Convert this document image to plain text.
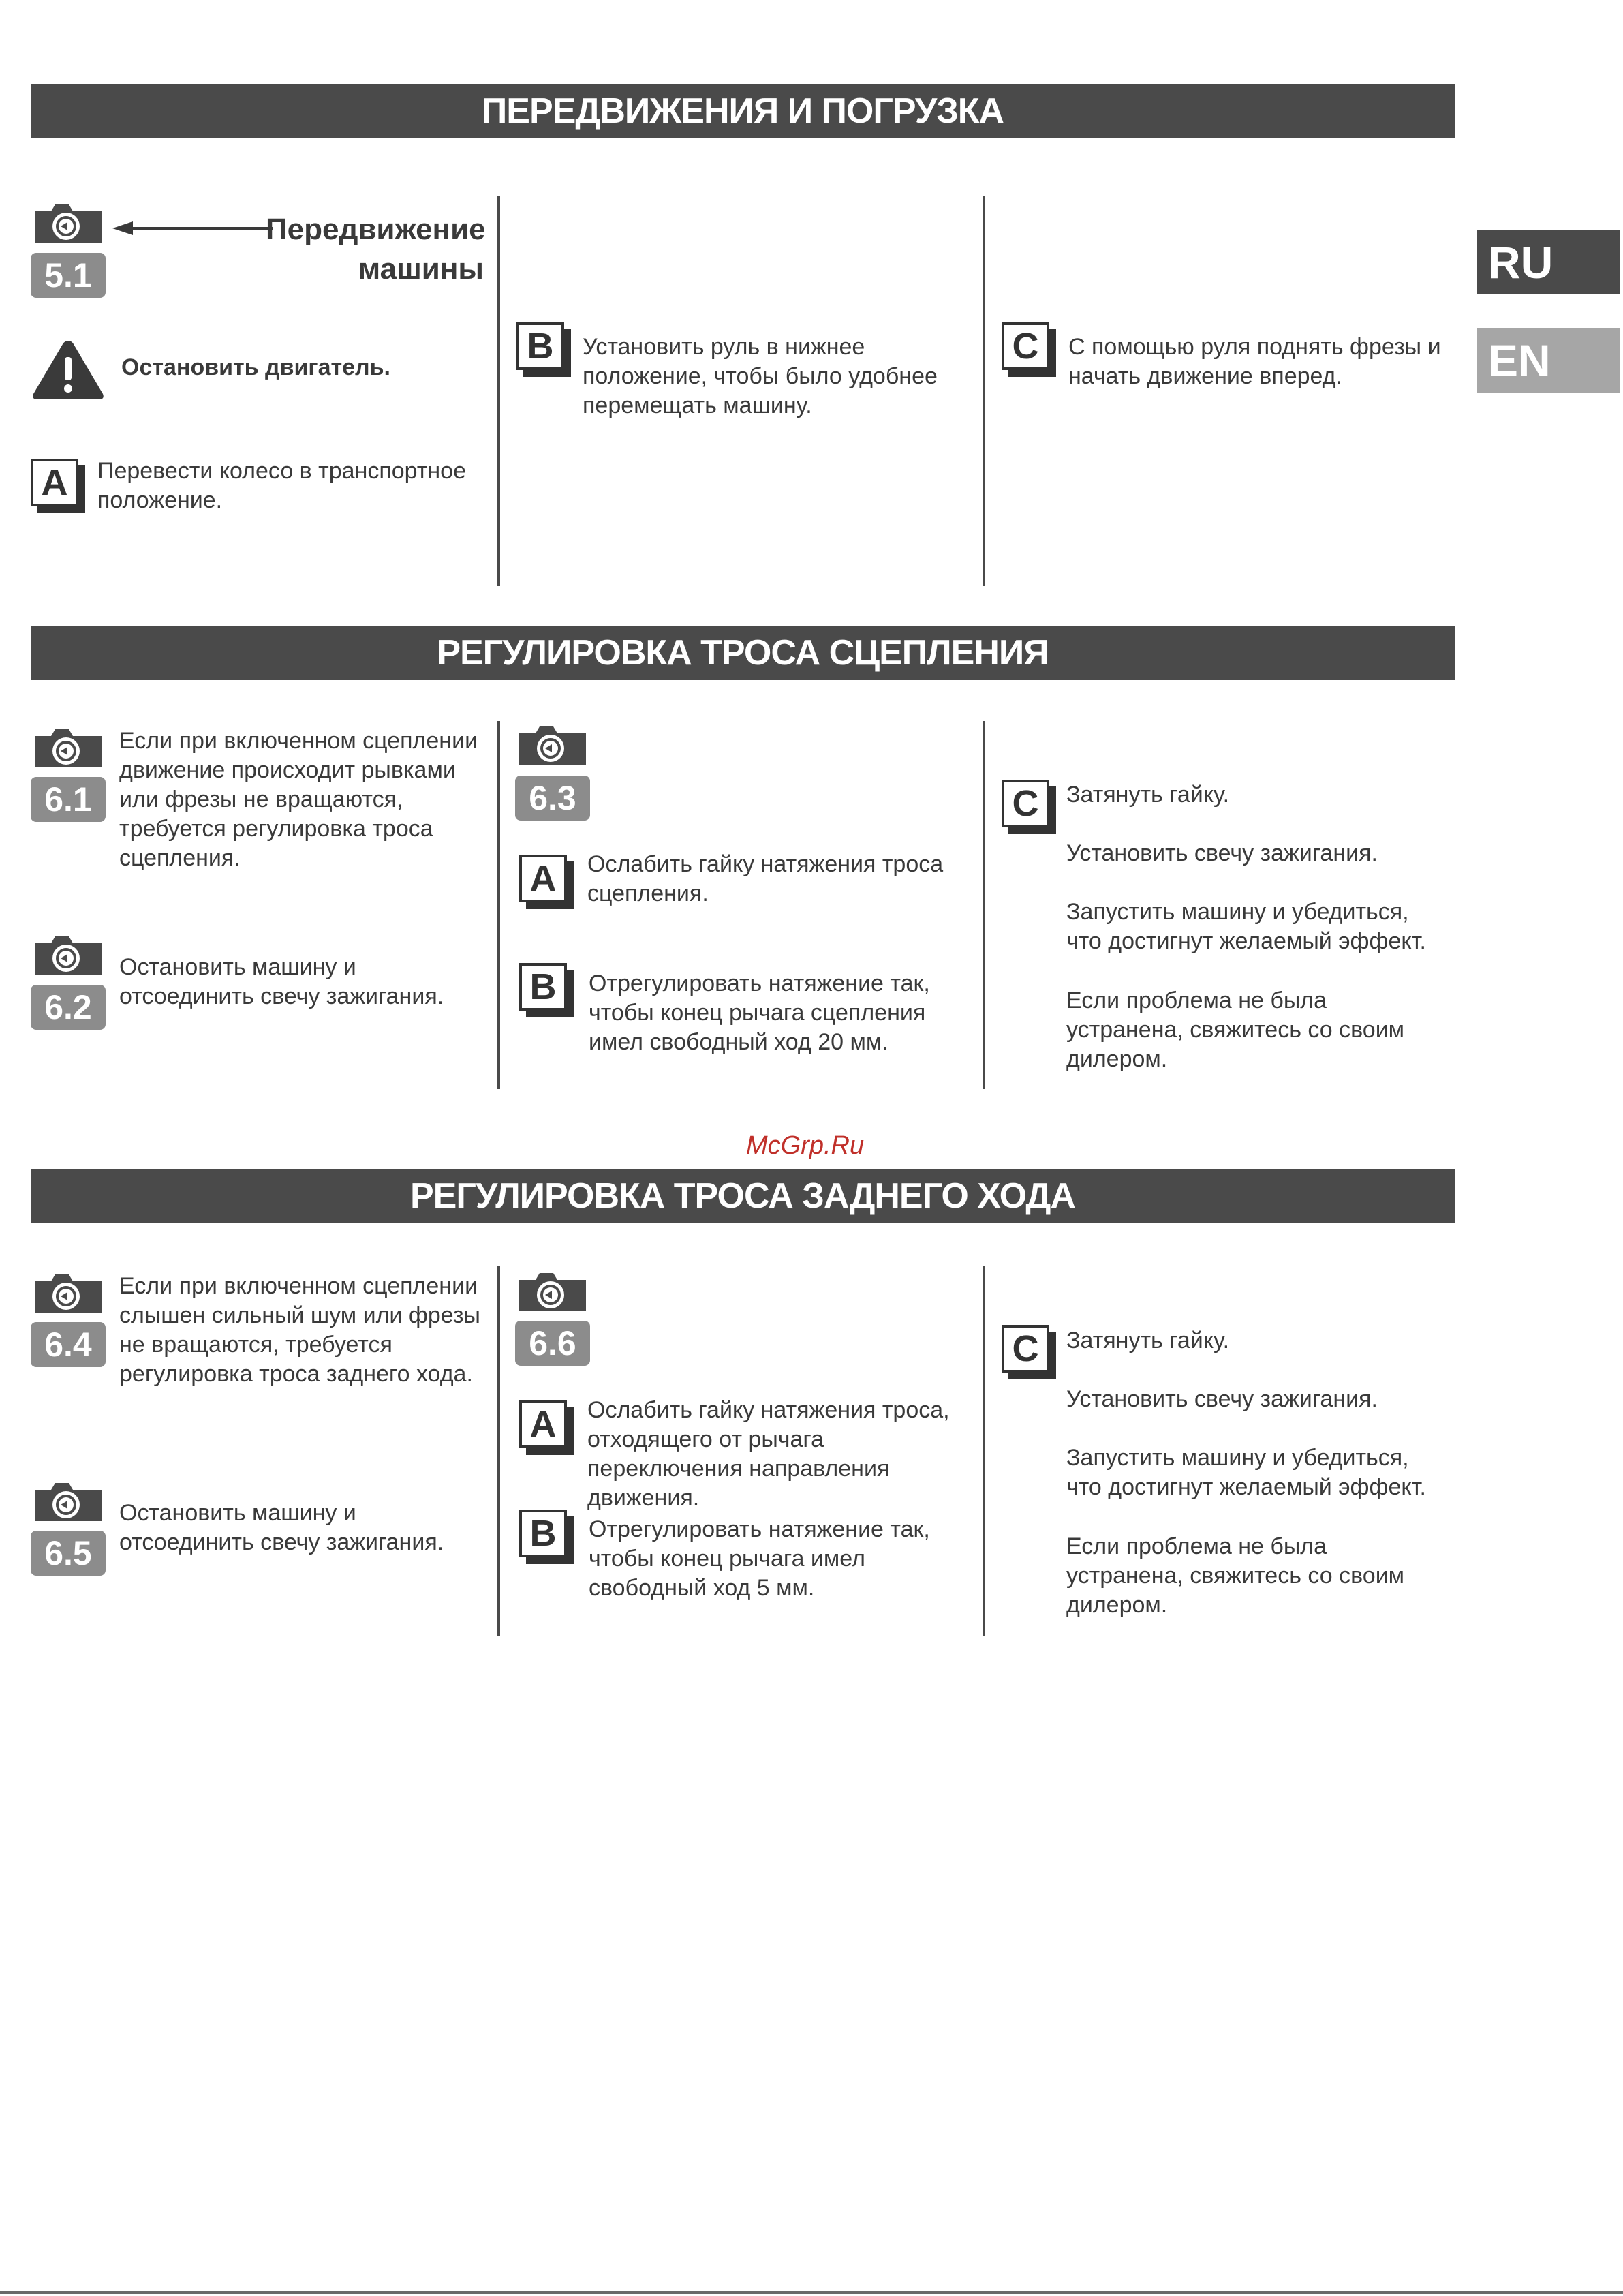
RU
EN
ПЕРЕДВИЖЕНИЯ И ПОГРУЗКА
5.1
Передвижение
машины
Остановить двигатель.
A	Перевести колесо в транспортное положение.
B	Установить руль в нижнее положение, чтобы было удобнее перемещать машину.
C	С помощью руля поднять фрезы и начать движение вперед.
РЕГУЛИРОВКА ТРОСА СЦЕПЛЕНИЯ
6.1
Если при включенном сцеплении движение происходит рывками или фрезы не вращаются, требуется регулировка троса сцепления.
6.2
Остановить машину и отсоединить свечу зажигания.
6.3
A	Ослабить гайку натяжения троса сцепления.
B	Отрегулировать натяжение так, чтобы конец рычага сцепления имел свободный ход 20 мм.
C	Затянуть гайку.
Установить свечу зажигания.
Запустить машину и убедиться, что достигнут желаемый эффект.
Если проблема не была устранена, свяжитесь со своим дилером.
McGrp.Ru
РЕГУЛИРОВКА ТРОСА ЗАДНЕГО ХОДА
6.4
Если при включенном сцеплении слышен сильный шум или фрезы не вращаются, требуется регулировка троса заднего хода.
6.5
Остановить машину и отсоединить свечу зажигания.
6.6
A	Ослабить гайку натяжения троса, отходящего от рычага переключения направления движения.
B	Отрегулировать натяжение так, чтобы конец рычага имел свободный ход 5 мм.
C	Затянуть гайку.
Установить свечу зажигания.
Запустить машину и убедиться, что достигнут желаемый эффект.
Если проблема не была устранена, свяжитесь со своим дилером.
